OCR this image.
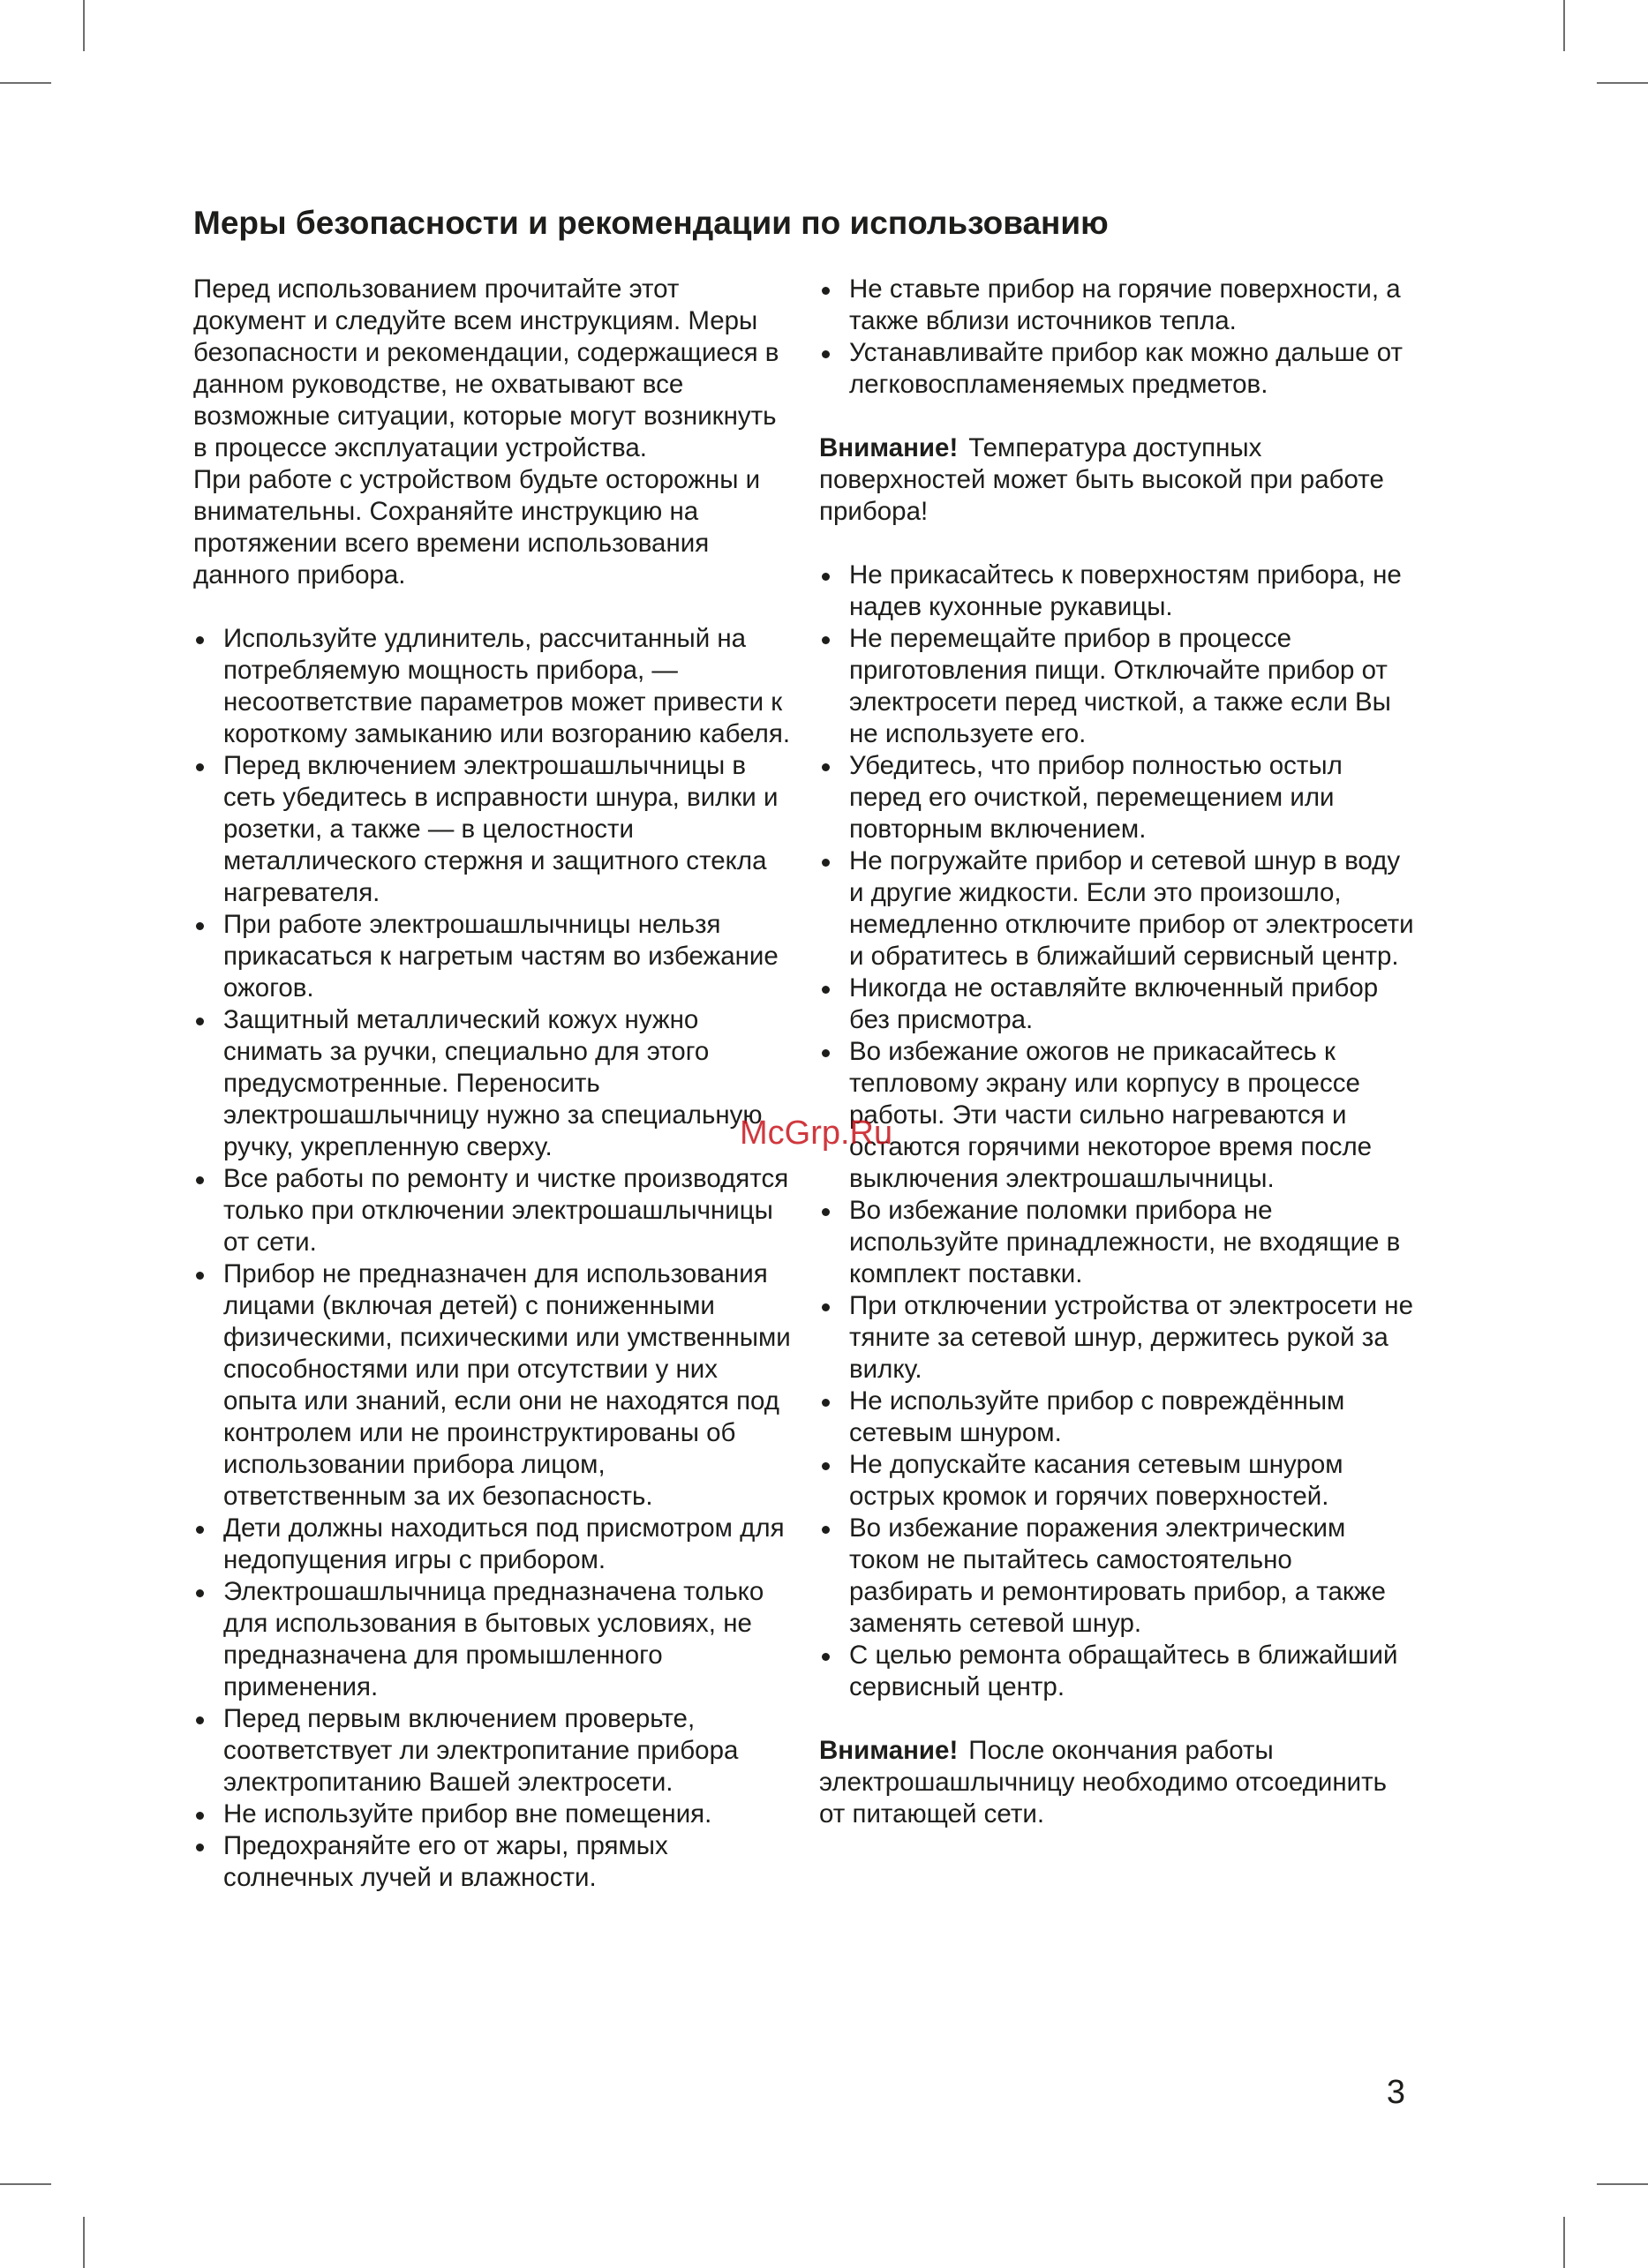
Меры безопасности и рекомендации по использованию

Перед использованием прочитайте этот документ и следуйте всем инструкциям. Меры безопасности и рекомендации, содержащиеся в данном руководстве, не охватывают все возможные ситуации, которые могут возникнуть в процессе эксплуатации устройства.

При работе с устройством будьте осторожны и внимательны. Сохраняйте инструкцию на протяжении всего времени использования данного прибора.

Используйте удлинитель, рассчитанный на потребляемую мощность прибора, — несоответствие параметров может привести к короткому замыканию или возгоранию кабеля.
Перед включением электрошашлычницы в сеть убедитесь в исправности шнура, вилки и розетки, а также — в целостности металлического стержня и защитного стекла нагревателя.
При работе электрошашлычницы нельзя прикасаться к нагретым частям во избежание ожогов.
Защитный металлический кожух нужно снимать за ручки, специально для этого предусмотренные. Переносить электрошашлычницу нужно за специальную ручку, укрепленную сверху.
Все работы по ремонту и чистке производятся только при отключении электрошашлычницы от сети.
Прибор не предназначен для использования лицами (включая детей) с пониженными физическими, психическими или умственными способностями или при отсутствии у них опыта или знаний, если они не находятся под контролем или не проинструктированы об использовании прибора лицом, ответственным за их безопасность.
Дети должны находиться под присмотром для недопущения игры с прибором.
Электрошашлычница предназначена только для использования в бытовых условиях, не предназначена для промышленного применения.
Перед первым включением проверьте, соответствует ли электропитание прибора электропитанию Вашей электросети.
Не используйте прибор вне помещения.
Предохраняйте его от жары, прямых солнечных лучей и влажности.
Не ставьте прибор на горячие поверхности, а также вблизи источников тепла.
Устанавливайте прибор как можно дальше от легковоспламеняемых предметов.

Внимание! Температура доступных поверхностей может быть высокой при работе прибора!

Не прикасайтесь к поверхностям прибора, не надев кухонные рукавицы.
Не перемещайте прибор в процессе приготовления пищи. Отключайте прибор от электросети перед чисткой, а также если Вы не используете его.
Убедитесь, что прибор полностью остыл перед его очисткой, перемещением или повторным включением.
Не погружайте прибор и сетевой шнур в воду и другие жидкости. Если это произошло, немедленно отключите прибор от электросети и обратитесь в ближайший сервисный центр.
Никогда не оставляйте включенный прибор без присмотра.
Во избежание ожогов не прикасайтесь к тепловому экрану или корпусу в процессе работы. Эти части сильно нагреваются и остаются горячими некоторое время после выключения электрошашлычницы.
Во избежание поломки прибора не используйте принадлежности, не входящие в комплект поставки.
При отключении устройства от электросети не тяните за сетевой шнур, держитесь рукой за вилку.
Не используйте прибор с повреждённым сетевым шнуром.
Не допускайте касания сетевым шнуром острых кромок и горячих поверхностей.
Во избежание поражения электрическим током не пытайтесь самостоятельно разбирать и ремонтировать прибор, а также заменять сетевой шнур.
С целью ремонта обращайтесь в ближайший сервисный центр.

Внимание! После окончания работы электрошашлычницу необходимо отсоединить от питающей сети.

McGrp.Ru
3
